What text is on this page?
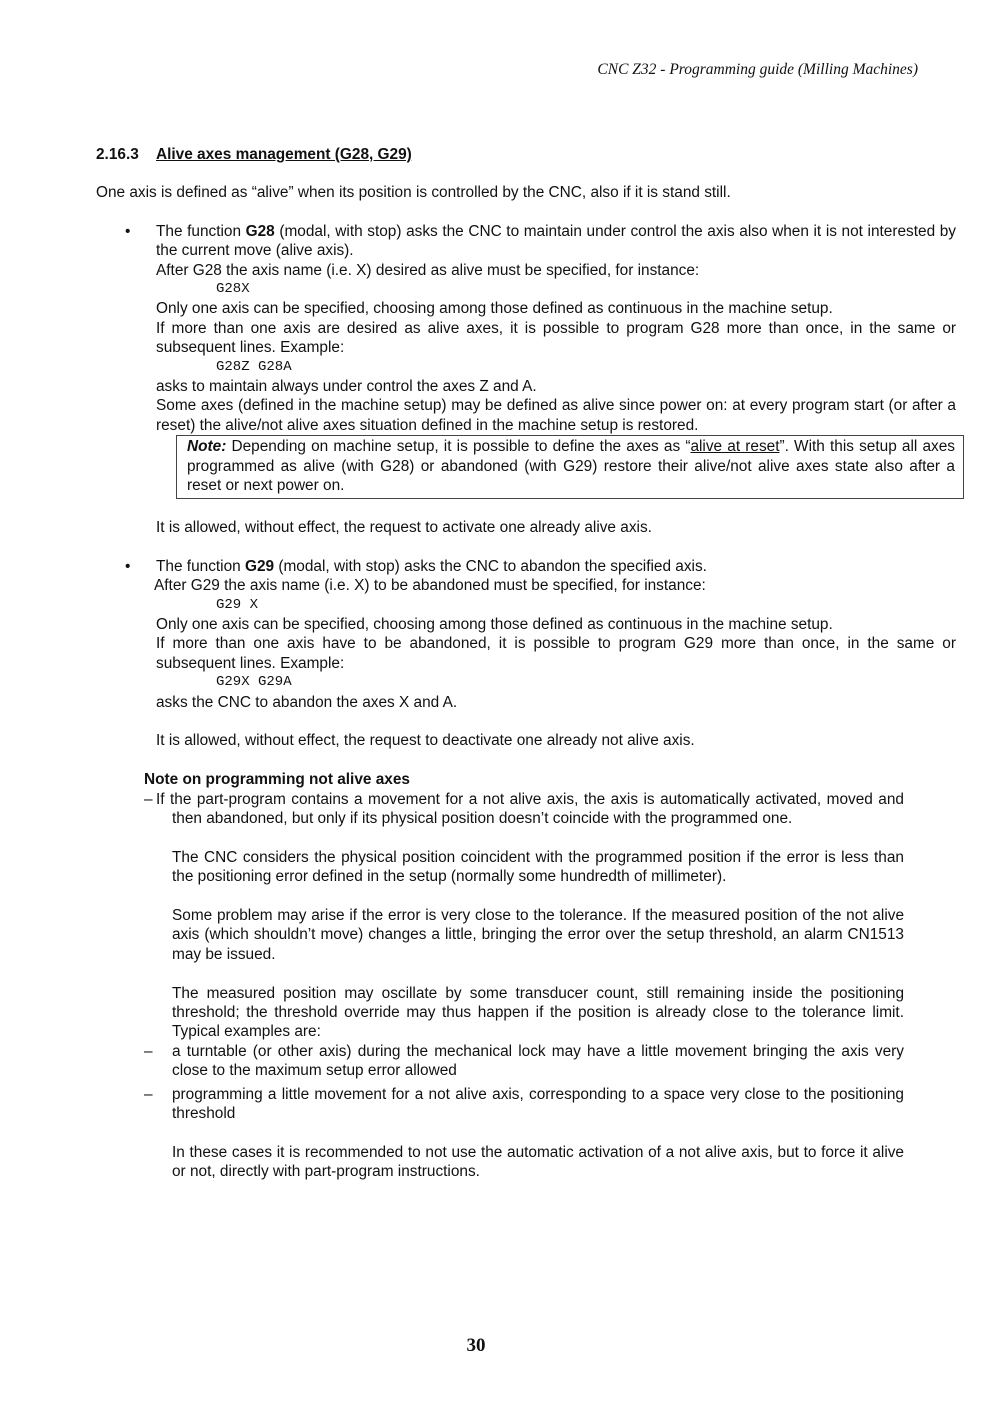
CNC Z32 - Programming guide (Milling Machines)
2.16.3 Alive axes management (G28, G29)

One axis is defined as “alive” when its position is controlled by the CNC, also if it is stand still.

• The function G28 (modal, with stop) asks the CNC to maintain under control the axis also when it is not interested by the current move (alive axis).

After G28 the axis name (i.e. X) desired as alive must be specified, for instance:

G28X

Only one axis can be specified, choosing among those defined as continuous in the machine setup.

If more than one axis are desired as alive axes, it is possible to program G28 more than once, in the same or subsequent lines. Example:

G28Z G28A

asks to maintain always under control the axes Z and A.

Some axes (defined in the machine setup) may be defined as alive since power on: at every program start (or after a reset) the alive/not alive axes situation defined in the machine setup is restored.

Note: Depending on machine setup, it is possible to define the axes as “alive at reset”. With this setup all axes programmed as alive (with G28) or abandoned (with G29) restore their alive/not alive axes state also after a reset or next power on.

It is allowed, without effect, the request to activate one already alive axis.

• The function G29 (modal, with stop) asks the CNC to abandon the specified axis.

After G29 the axis name (i.e. X) to be abandoned must be specified, for instance:

G29 X

Only one axis can be specified, choosing among those defined as continuous in the machine setup.

If more than one axis have to be abandoned, it is possible to program G29 more than once, in the same or subsequent lines. Example:

G29X G29A

asks the CNC to abandon the axes X and A.

It is allowed, without effect, the request to deactivate one already not alive axis.

Note on programming not alive axes

– If the part-program contains a movement for a not alive axis, the axis is automatically activated, moved and then abandoned, but only if its physical position doesn’t coincide with the programmed one.

The CNC considers the physical position coincident with the programmed position if the error is less than the positioning error defined in the setup (normally some hundredth of millimeter).

Some problem may arise if the error is very close to the tolerance. If the measured position of the not alive axis (which shouldn’t move) changes a little, bringing the error over the setup threshold, an alarm CN1513 may be issued.

The measured position may oscillate by some transducer count, still remaining inside the positioning threshold; the threshold override may thus happen if the position is already close to the tolerance limit. Typical examples are:

– a turntable (or other axis) during the mechanical lock may have a little movement bringing the axis very close to the maximum setup error allowed

– programming a little movement for a not alive axis, corresponding to a space very close to the positioning threshold

In these cases it is recommended to not use the automatic activation of a not alive axis, but to force it alive or not, directly with part-program instructions.

30
